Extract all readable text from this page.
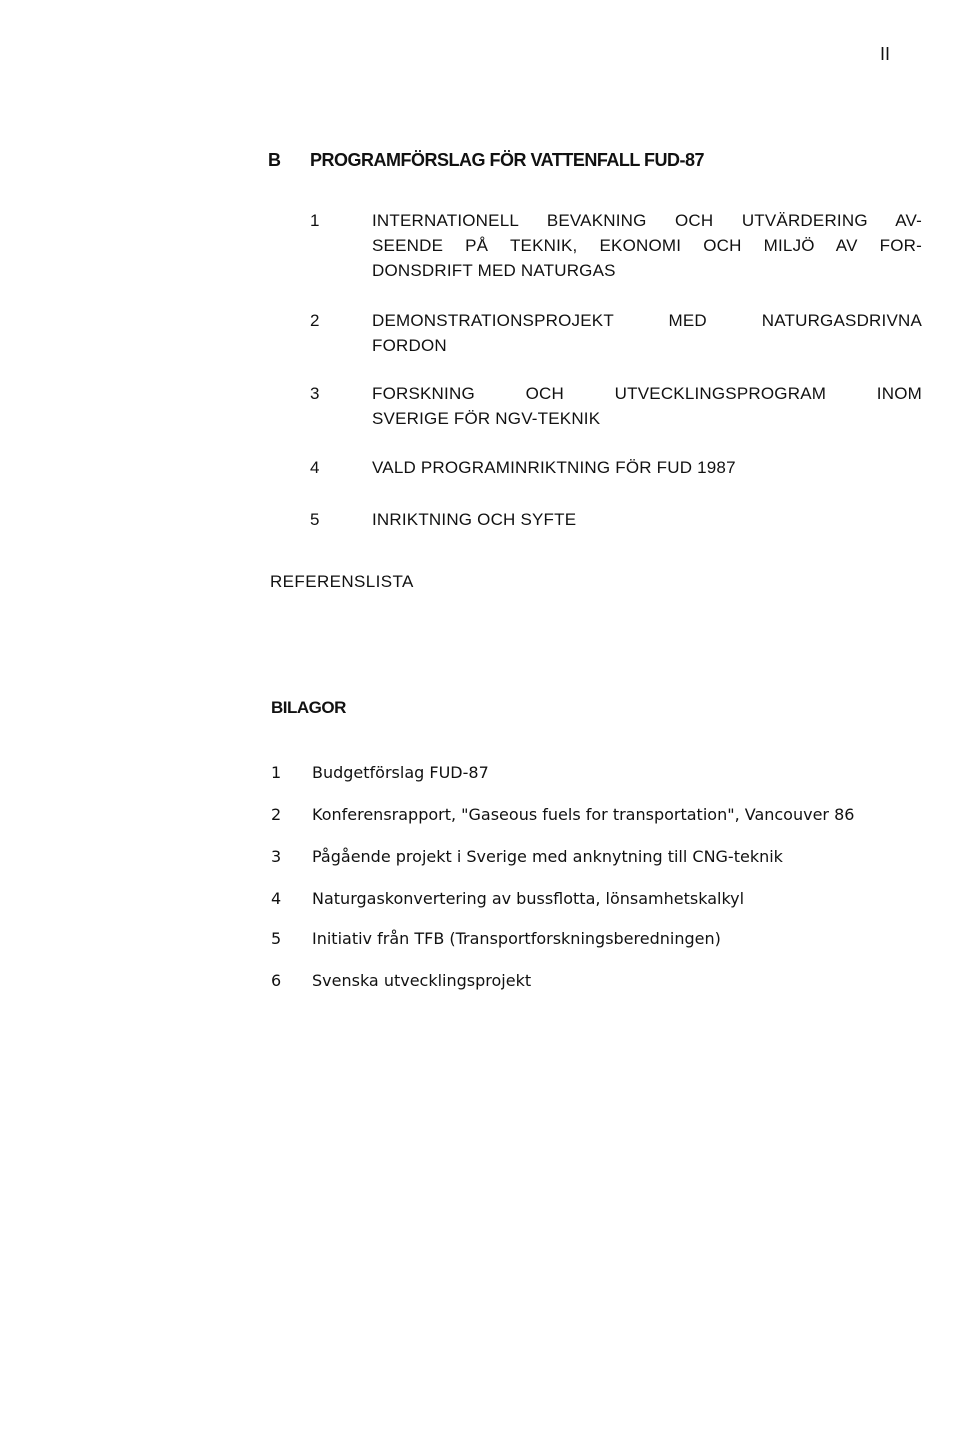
II
B PROGRAMFÖRSLAG FÖR VATTENFALL FUD-87
1	INTERNATIONELL BEVAKNING OCH UTVÄRDERING AV-
SEENDE PÅ TEKNIK, EKONOMI OCH MILJÖ AV FOR-
DONSDRIFT MED NATURGAS
2	DEMONSTRATIONSPROJEKT MED NATURGASDRIVNA
FORDON
3	FORSKNING OCH UTVECKLINGSPROGRAM INOM
SVERIGE FÖR NGV-TEKNIK
4	VALD PROGRAMINRIKTNING FÖR FUD 1987
5	INRIKTNING OCH SYFTE
REFERENSLISTA
BILAGOR
1 Budgetförslag FUD-87
2 Konferensrapport, "Gaseous fuels for transportation", Vancouver 86
3 Pågående projekt i Sverige med anknytning till CNG-teknik
4 Naturgaskonvertering av bussflotta, lönsamhetskalkyl
5 Initiativ från TFB (Transportforskningsberedningen)
6 Svenska utvecklingsprojekt
